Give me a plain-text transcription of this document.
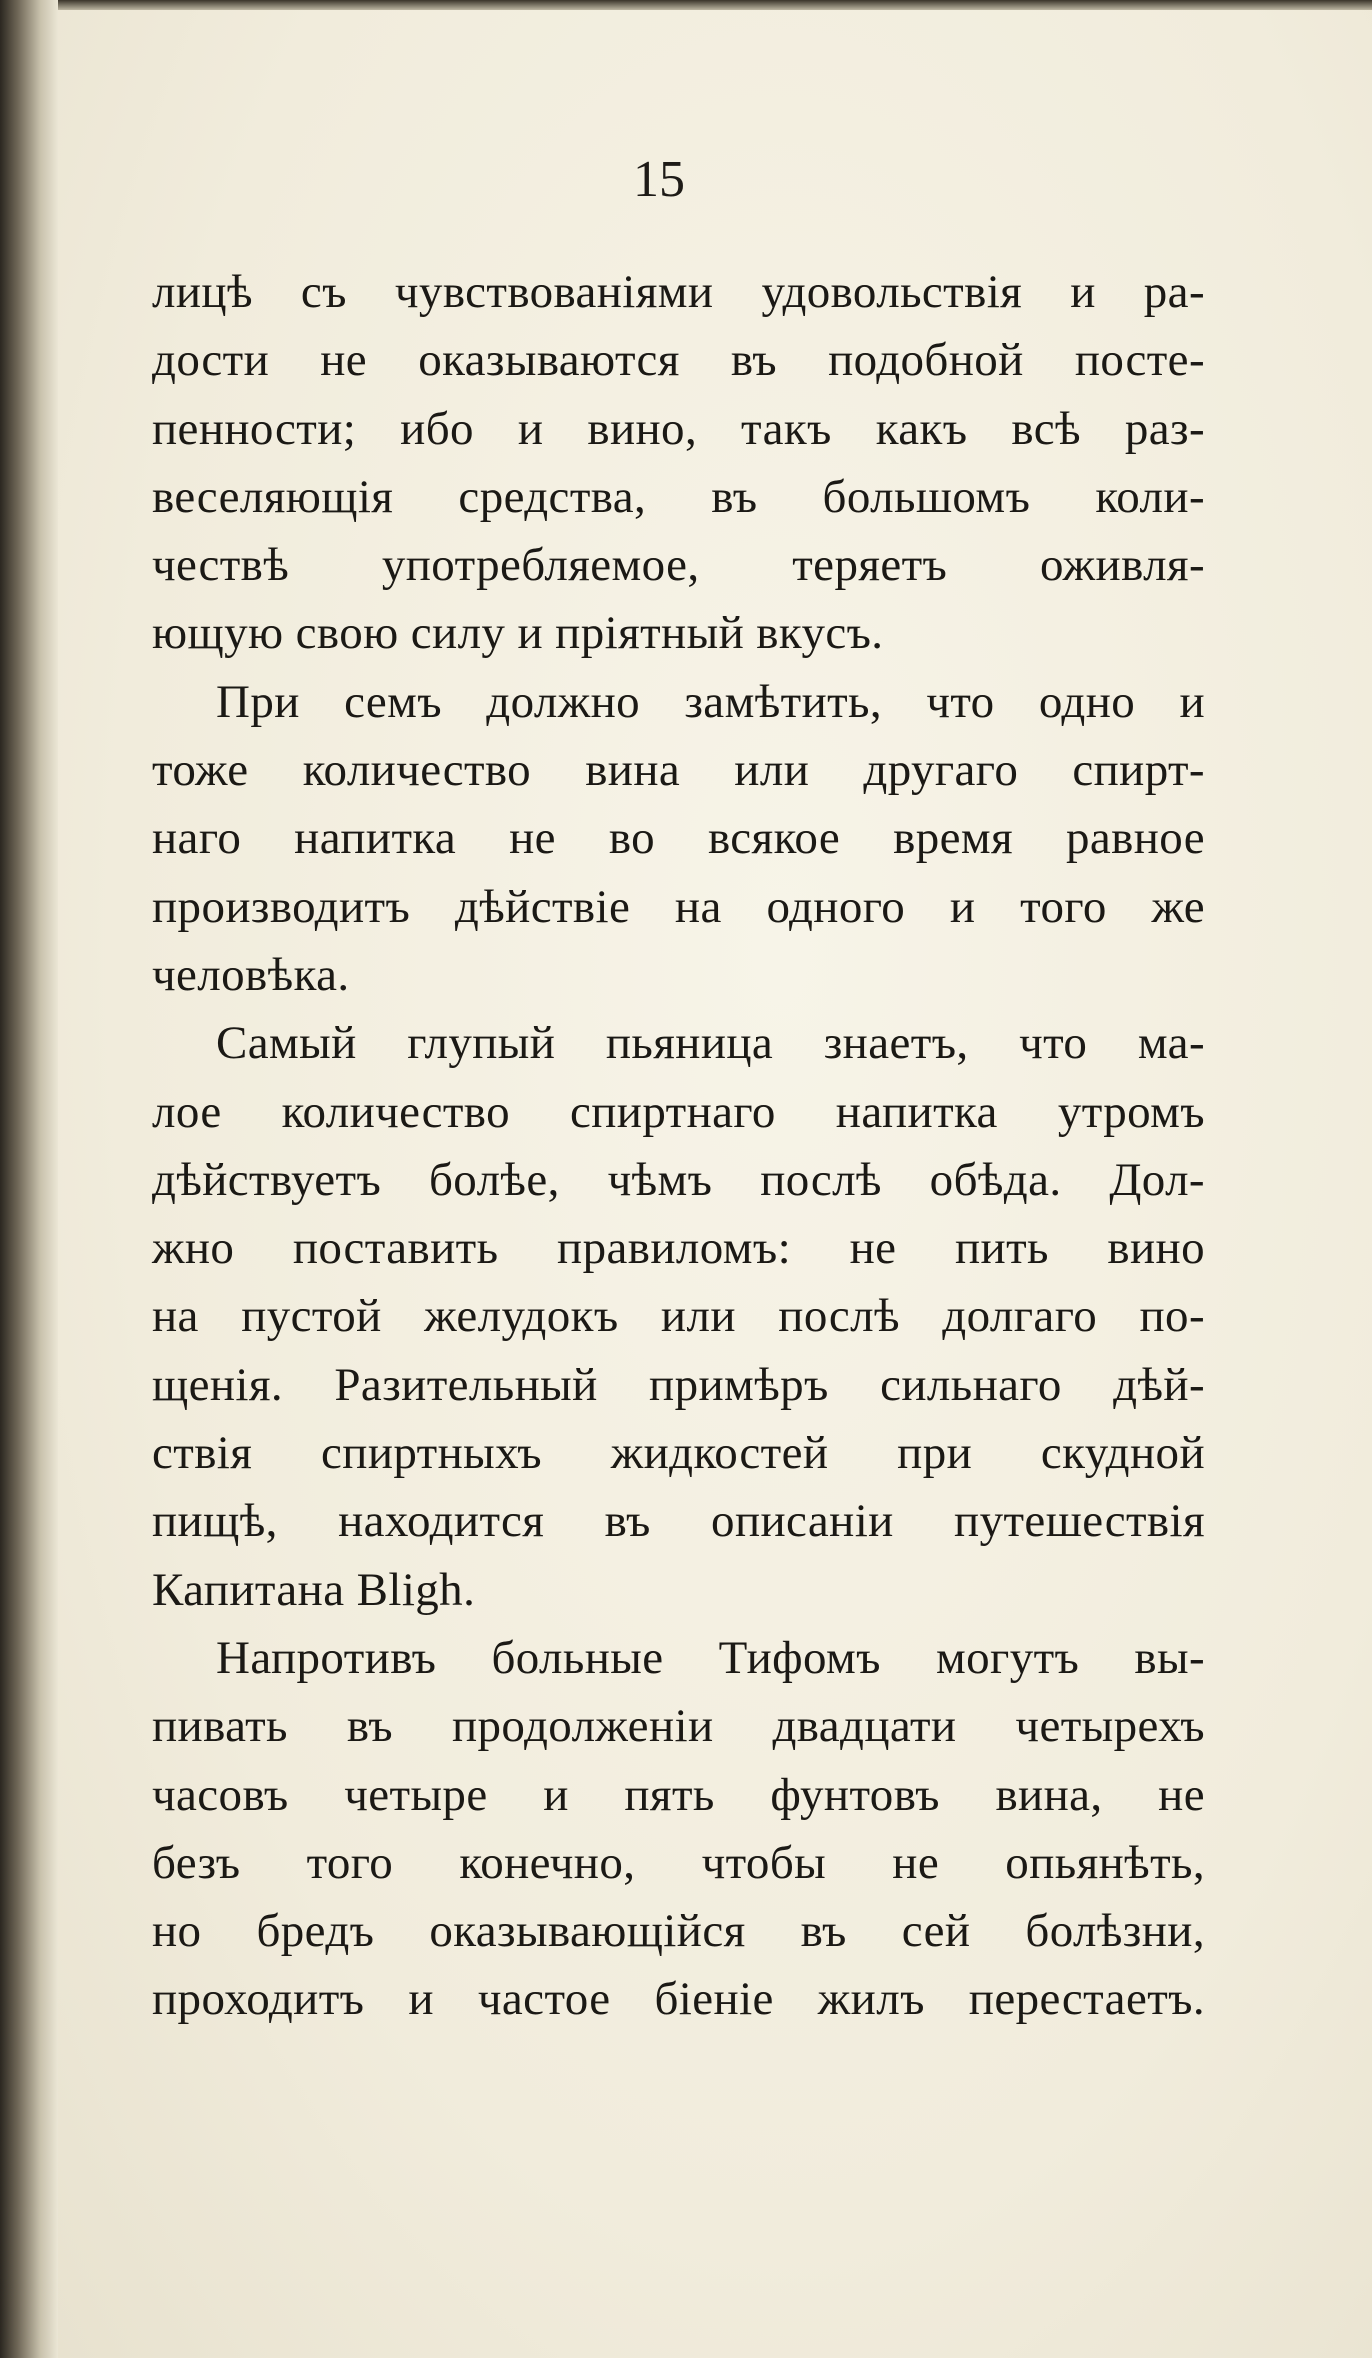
15
лицѣ съ чувствованіями удовольствія и ра-
дости не оказываются въ подобной посте-
пенности; ибо и вино, такъ какъ всѣ раз-
веселяющія средства, въ большомъ коли-
чествѣ употребляемое, теряетъ оживля-
ющую свою силу и пріятный вкусъ.
При семъ должно замѣтить, что одно и
тоже количество вина или другаго спирт-
наго напитка не во всякое время равное
производитъ дѣйствіе на одного и того же
человѣка.
Самый глупый пьяница знаетъ, что ма-
лое количество спиртнаго напитка утромъ
дѣйствуетъ болѣе, чѣмъ послѣ обѣда. Дол-
жно поставить правиломъ: не пить вино
на пустой желудокъ или послѣ долгаго по-
щенія. Разительный примѣръ сильнаго дѣй-
ствія спиртныхъ жидкостей при скудной
пищѣ, находится въ описаніи путешествія
Капитана Bligh.
Напротивъ больные Тифомъ могутъ вы-
пивать въ продолженіи двадцати четырехъ
часовъ четыре и пять фунтовъ вина, не
безъ того конечно, чтобы не опьянѣть,
но бредъ оказывающійся въ сей болѣзни,
проходитъ и частое біеніе жилъ перестаетъ.
